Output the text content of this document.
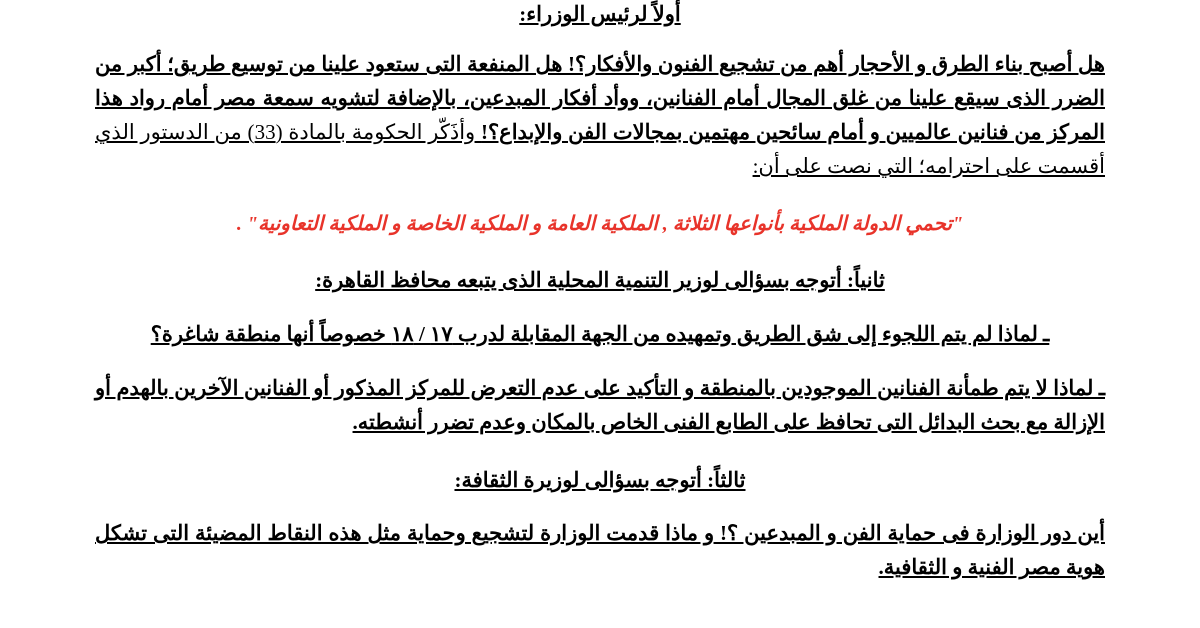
أولاً لرئيس الوزراء:
هل أصبح بناء الطرق و الأحجار أهم من تشجيع الفنون والأفكار؟! هل المنفعة التى ستعود علينا من توسيع طريق؛ أكبر من الضرر الذى سيقع علينا من غلق المجال أمام الفنانين، ووأد أفكار المبدعين، بالإضافة لتشويه سمعة مصر أمام رواد هذا المركز من فنانين عالميين و أمام سائحين مهتمين بمجالات الفن والإبداع؟! وأذَكّر الحكومة بالمادة (33) من الدستور الذي أقسمت على احترامه؛ التي نصت على أن:
"تحمي الدولة الملكية بأنواعها الثلاثة , الملكية العامة و الملكية الخاصة و الملكية التعاونية" .
ثانياً: أتوجه بسؤالى لوزير التنمية المحلية الذى يتبعه محافظ القاهرة:
ـ لماذا لم يتم اللجوء إلى شق الطريق وتمهيده من الجهة المقابلة لدرب ١٧ / ١٨ خصوصاً أنها منطقة شاغرة؟
ـ لماذا لا يتم طمأنة الفنانين الموجودين بالمنطقة و التأكيد على عدم التعرض للمركز المذكور أو الفنانين الآخرين بالهدم أو الإزالة مع بحث البدائل التى تحافظ على الطابع الفنى الخاص بالمكان وعدم تضرر أنشطته.
ثالثاً: أتوجه بسؤالى لوزيرة الثقافة:
أين دور الوزارة فى حماية الفن و المبدعين ؟! و ماذا قدمت الوزارة لتشجيع وحماية مثل هذه النقاط المضيئة التى تشكل هوية مصر الفنية و الثقافية.
